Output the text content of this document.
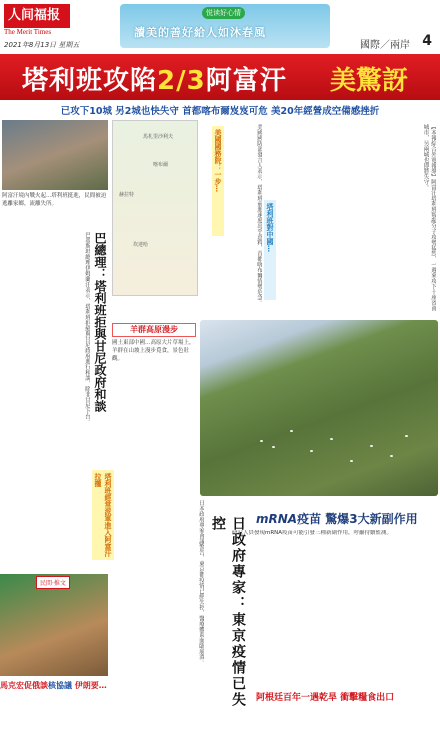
人间福报
The Merit Times
2021年8月13日 星期五
悦读好心情
讀美的善好給人如沐春風
國際／兩岸 4
塔利班攻陷2/3阿富汗 美驚訝
已攻下10城 另2城也快失守 首都喀布爾岌岌可危 美20年經營成空備感挫折
阿富汗境內戰火起...塔利班挺進，民間被迫逃離家鄉，流離失所。
巴總理：塔利班拒與甘尼政府和談
巴基斯坦總理伊姆蘭汗表示，塔利班拒絕與甘尼政府進行和談，除非甘尼下台。
塔利班經常派軍進入阿富汗拉攏
喀布爾
坎達哈
赫拉特
馬札里沙利夫	美國國務院：一步…
塔利班對中國…
美國國防部發言人表示，塔利班前進速度出乎意料，首都喀布爾情勢危急。	【本報綜合外電報導】阿富汗塔利班叛亂分子攻勢猛烈，一週來攻下十座省會城市，另兩城也即將失守。
羊群高原漫步
國土東部中國…高原大片草場上，羊群在山坡上漫步覓食，景色壯觀。
日政府專家：東京疫情已失控
日本政府專家會議警告，東京都疫情已經失控，醫療體系面臨崩潰。	mRNA疫苗 驚爆3大新副作用
研究人員發現mRNA疫苗可能引發三種新副作用，呼籲持續監測。
阿根廷百年一遇乾旱 衝擊糧食出口
民間‧推文
馬克宏促俄談核協議 伊朗要…
